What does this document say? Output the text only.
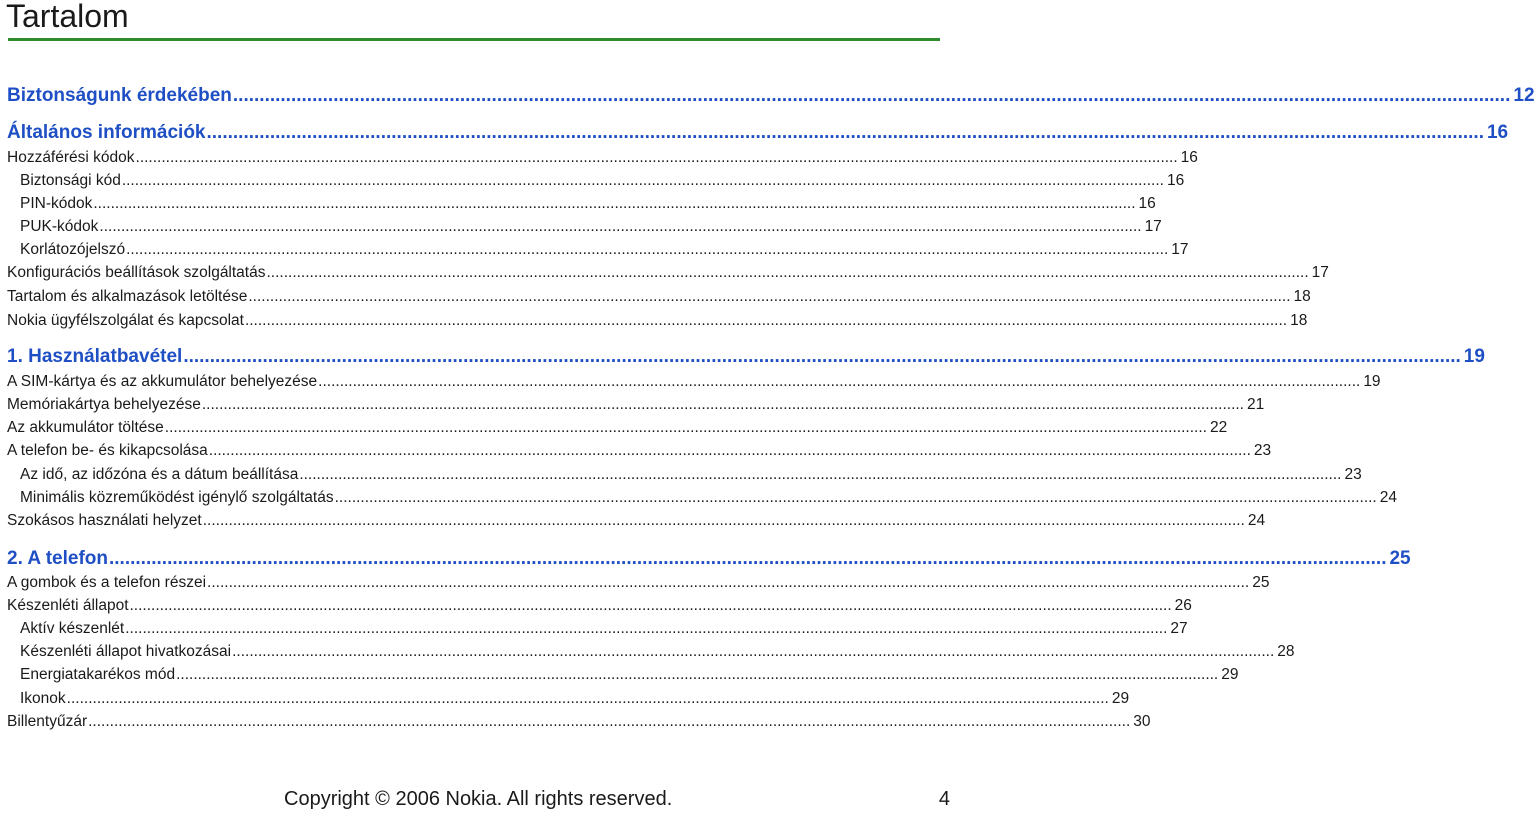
Tartalom
Biztonságunk érdekében .....	12
Általános információk .....	16
Hozzáférési kódok .....	16
Biztonsági kód .....	16
PIN-kódok .....	16
PUK-kódok .....	17
Korlátozójelszó .....	17
Konfigurációs beállítások szolgáltatás .....	17
Tartalom és alkalmazások letöltése .....	18
Nokia ügyfélszolgálat és kapcsolat .....	18
1. Használatbavétel .....	19
A SIM-kártya és az akkumulátor behelyezése .....	19
Memóriakártya behelyezése .....	21
Az akkumulátor töltése .....	22
A telefon be- és kikapcsolása .....	23
Az idő, az időzóna és a dátum beállítása .....	23
Minimális közreműködést igénylő szolgáltatás .....	24
Szokásos használati helyzet .....	24
2. A telefon .....	25
A gombok és a telefon részei .....	25
Készenléti állapot .....	26
Aktív készenlét .....	27
Készenléti állapot hivatkozásai .....	28
Energiatakarékos mód .....	29
Ikonok .....	29
Billentyűzár .....	30
Copyright © 2006 Nokia. All rights reserved.	4
